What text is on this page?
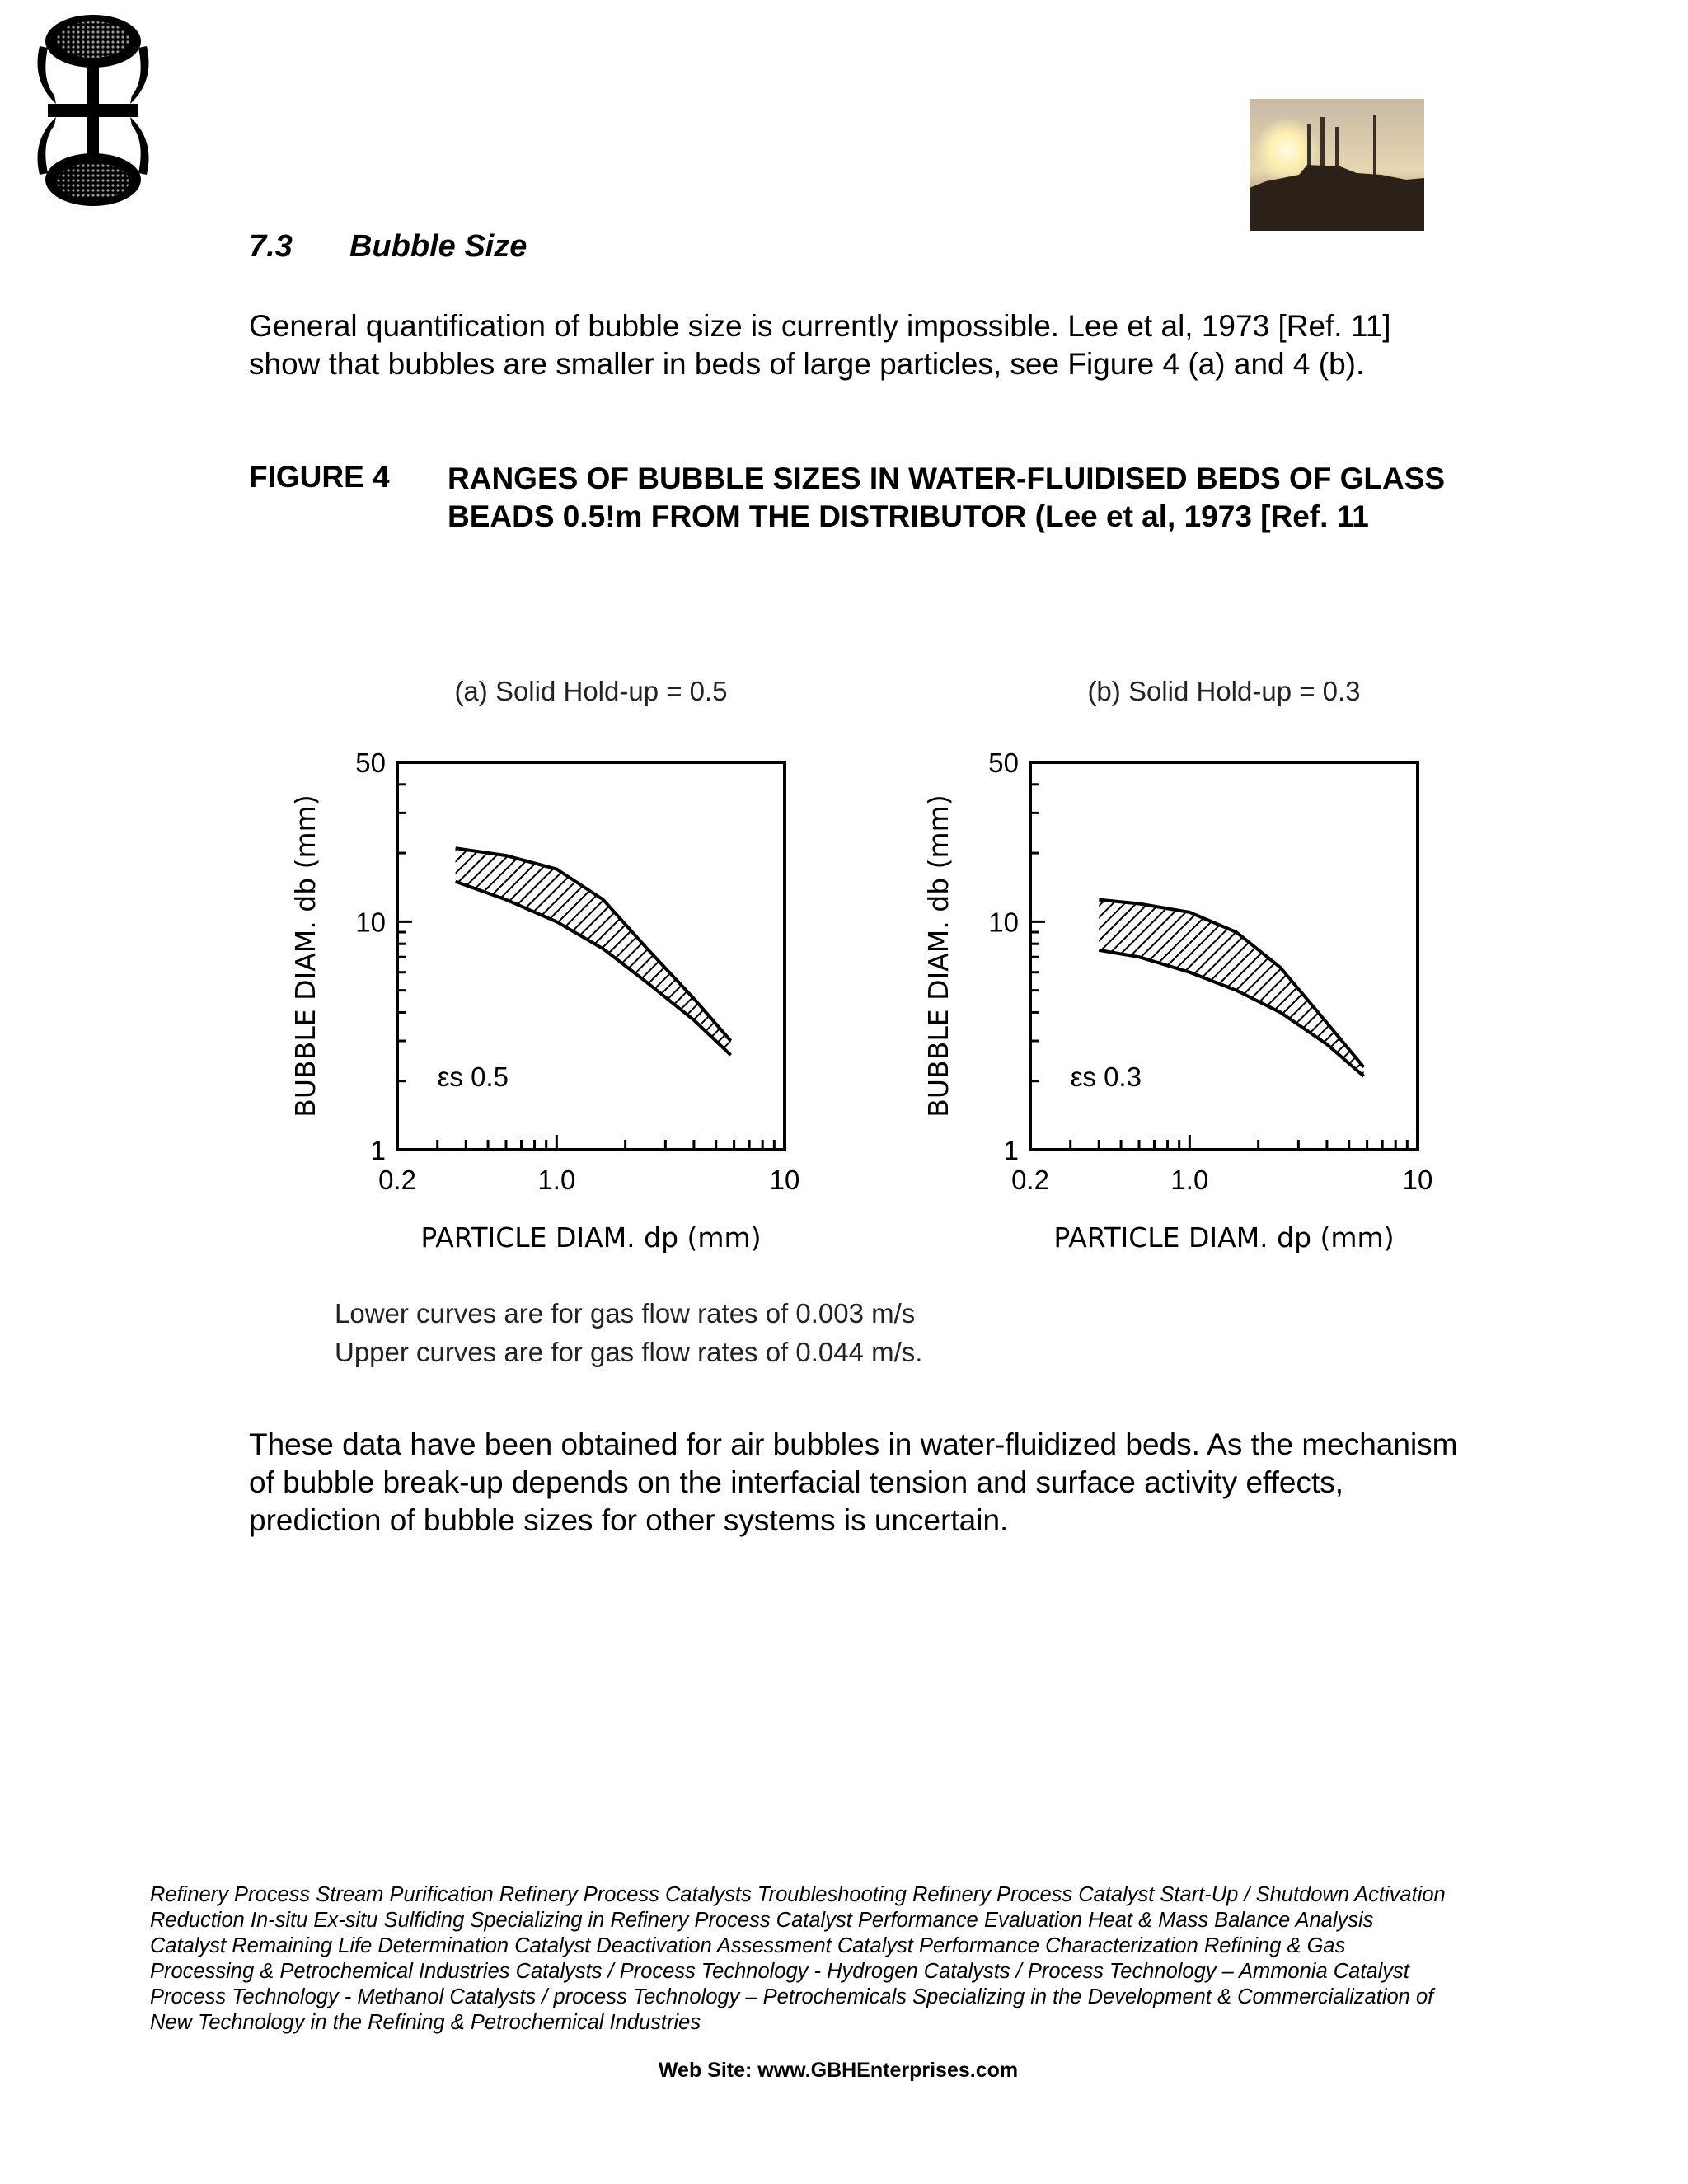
7.3 Bubble Size
General quantification of bubble size is currently impossible. Lee et al, 1973 [Ref. 11] show that bubbles are smaller in beds of large particles, see Figure 4 (a) and 4 (b).
FIGURE 4 RANGES OF BUBBLE SIZES IN WATER-FLUIDISED BEDS OF GLASS BEADS 0.5!m FROM THE DISTRIBUTOR (Lee et al, 1973 [Ref. 11
(a) Solid Hold-up = 0.5
0.2	1.0	10
1
10
50
PARTICLE DIAM. dp (mm)
BUBBLE DIAM. db (mm)	εs 0.5
(b) Solid Hold-up = 0.3
0.2	1.0	10
1
10
50
PARTICLE DIAM. dp (mm)
BUBBLE DIAM. db (mm)	εs 0.3
Lower curves are for gas flow rates of 0.003 m/s
Upper curves are for gas flow rates of 0.044 m/s.
These data have been obtained for air bubbles in water-fluidized beds. As the mechanism of bubble break-up depends on the interfacial tension and surface activity effects, prediction of bubble sizes for other systems is uncertain.
Refinery Process Stream Purification Refinery Process Catalysts Troubleshooting Refinery Process Catalyst Start-Up / Shutdown Activation Reduction In-situ Ex-situ Sulfiding Specializing in Refinery Process Catalyst Performance Evaluation Heat & Mass Balance Analysis Catalyst Remaining Life Determination Catalyst Deactivation Assessment Catalyst Performance Characterization Refining & Gas Processing & Petrochemical Industries Catalysts / Process Technology - Hydrogen Catalysts / Process Technology – Ammonia Catalyst Process Technology - Methanol Catalysts / process Technology – Petrochemicals Specializing in the Development & Commercialization of New Technology in the Refining & Petrochemical Industries
Web Site: www.GBHEnterprises.com
